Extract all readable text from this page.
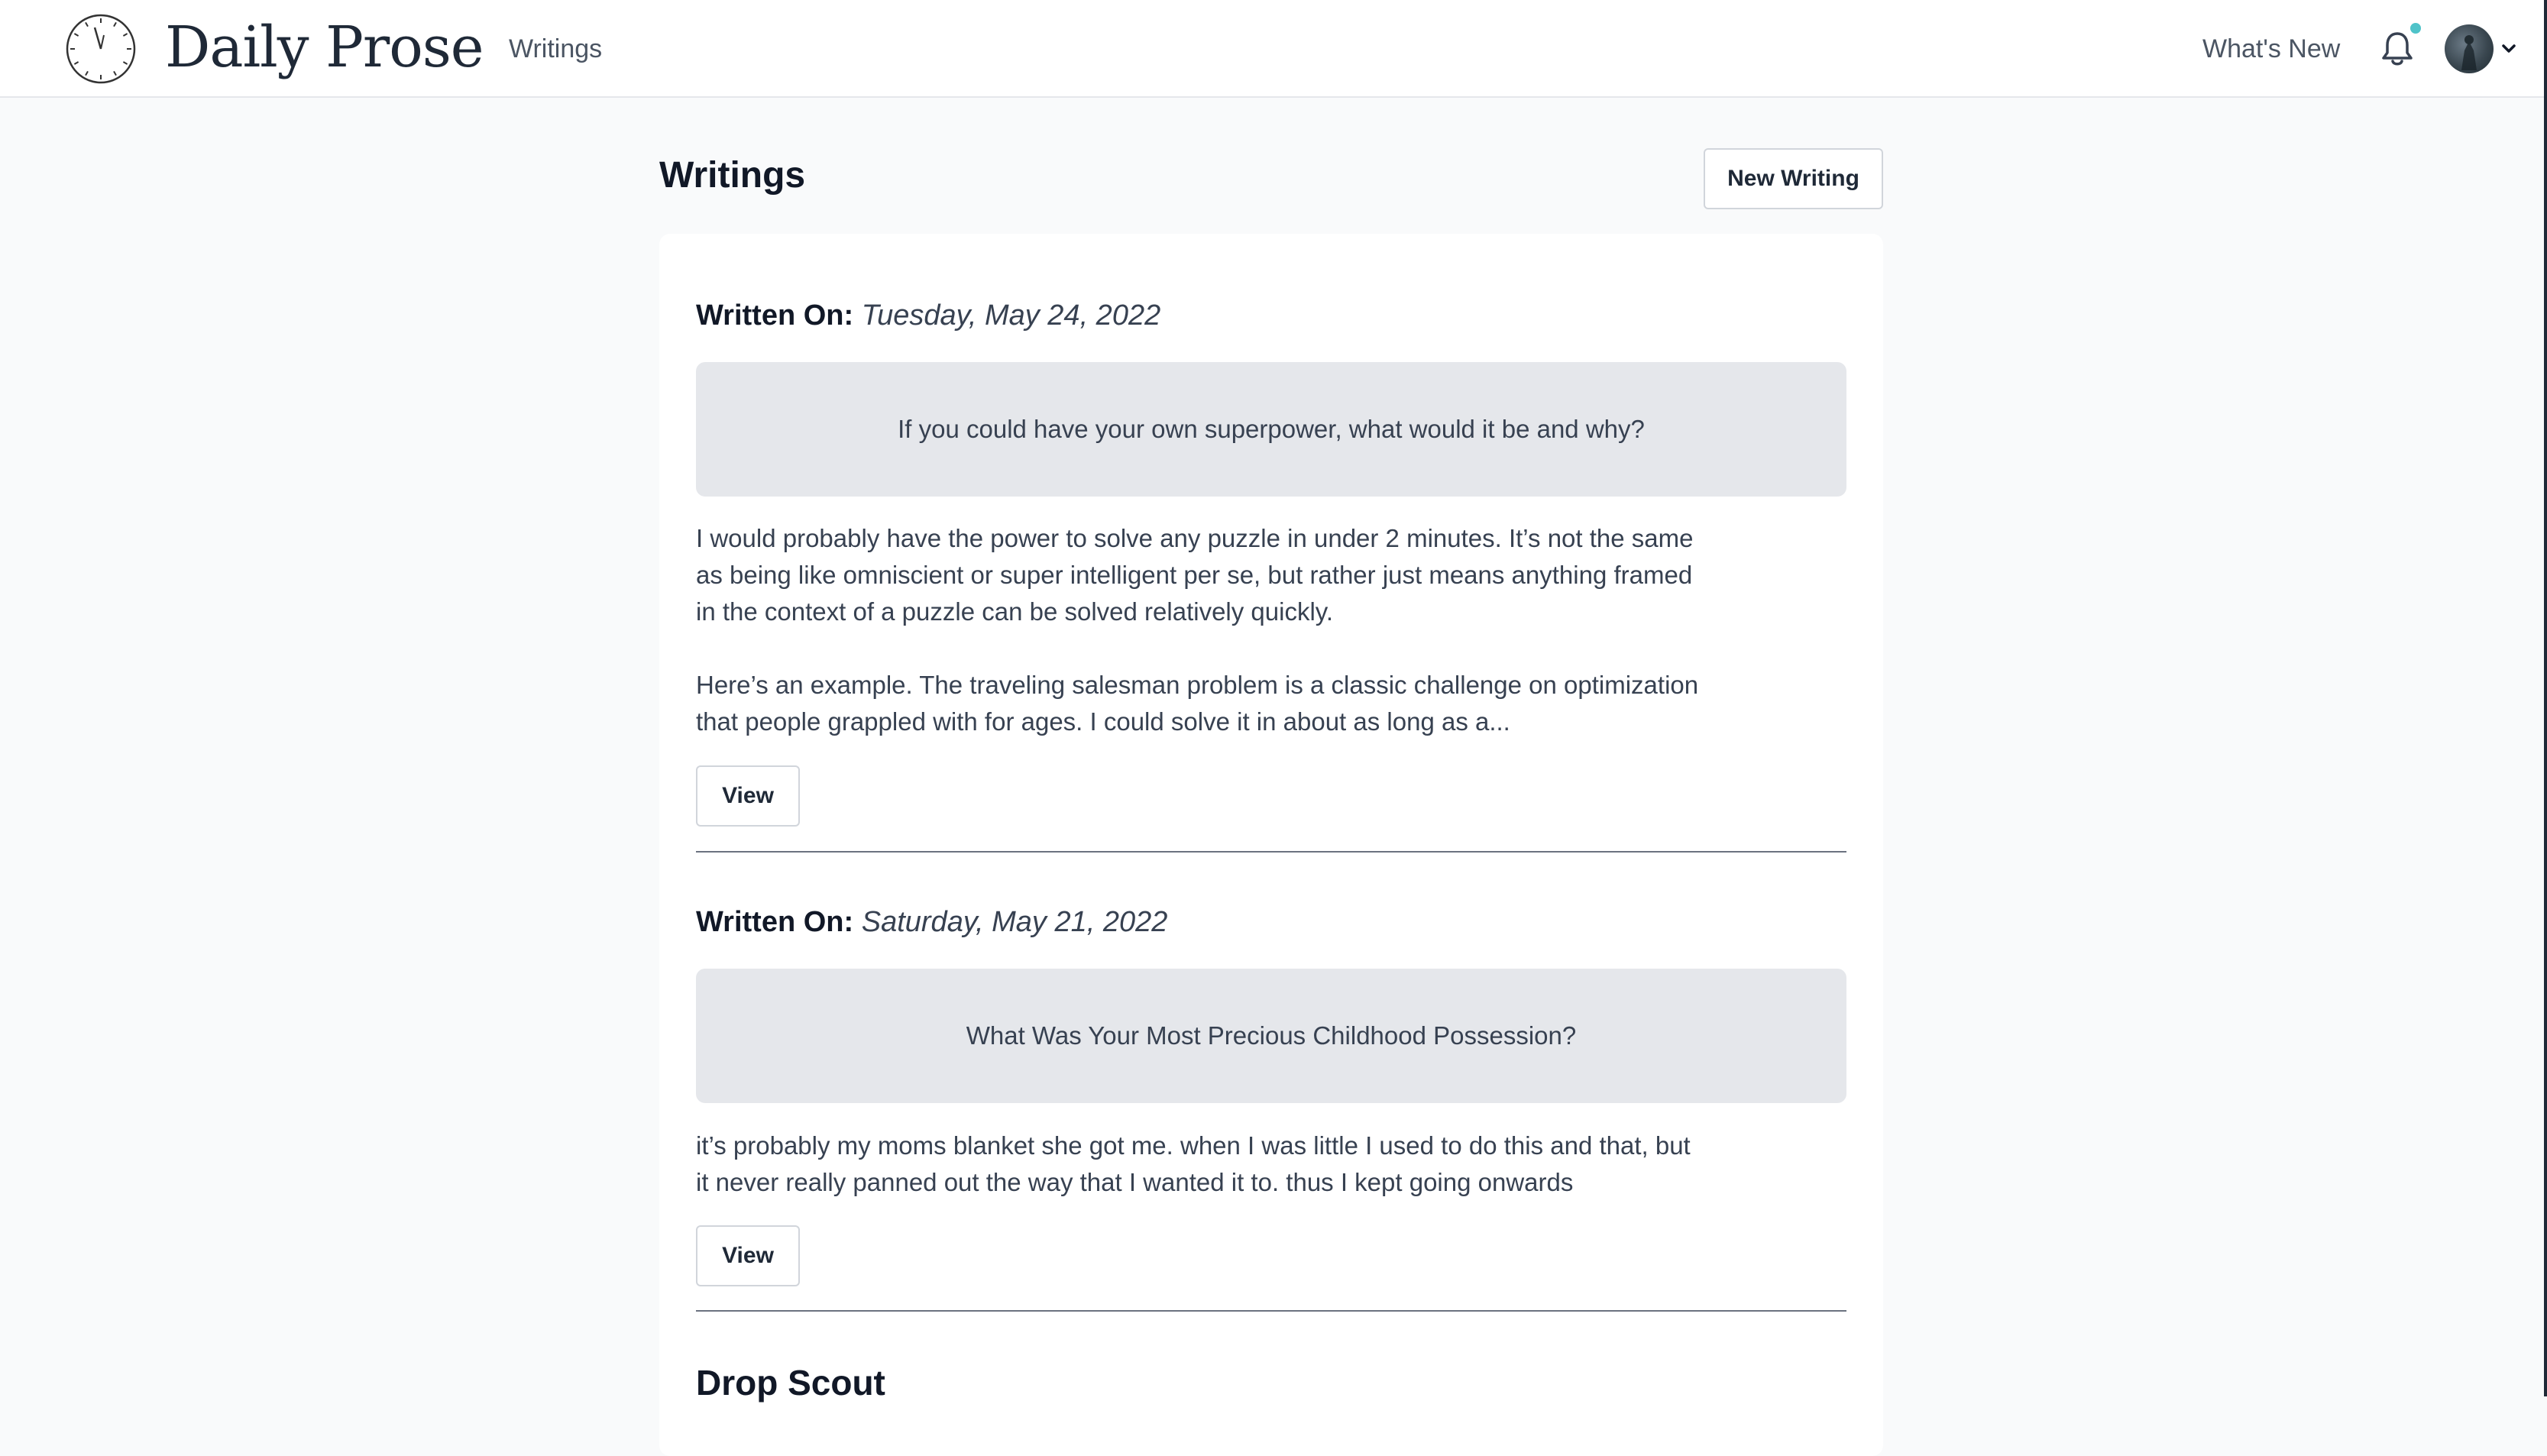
Daily Prose Writings	What's New
Writings	New Writing
Written On: Tuesday, May 24, 2022
If you could have your own superpower, what would it be and why?

I would probably have the power to solve any puzzle in under 2 minutes. It’s not the same as being like omniscient or super intelligent per se, but rather just means anything framed in the context of a puzzle can be solved relatively quickly.

Here’s an example. The traveling salesman problem is a classic challenge on optimization that people grappled with for ages. I could solve it in about as long as a...

View
Written On: Saturday, May 21, 2022
What Was Your Most Precious Childhood Possession?

it’s probably my moms blanket she got me. when I was little I used to do this and that, but it never really panned out the way that I wanted it to. thus I kept going onwards

View
Drop Scout
